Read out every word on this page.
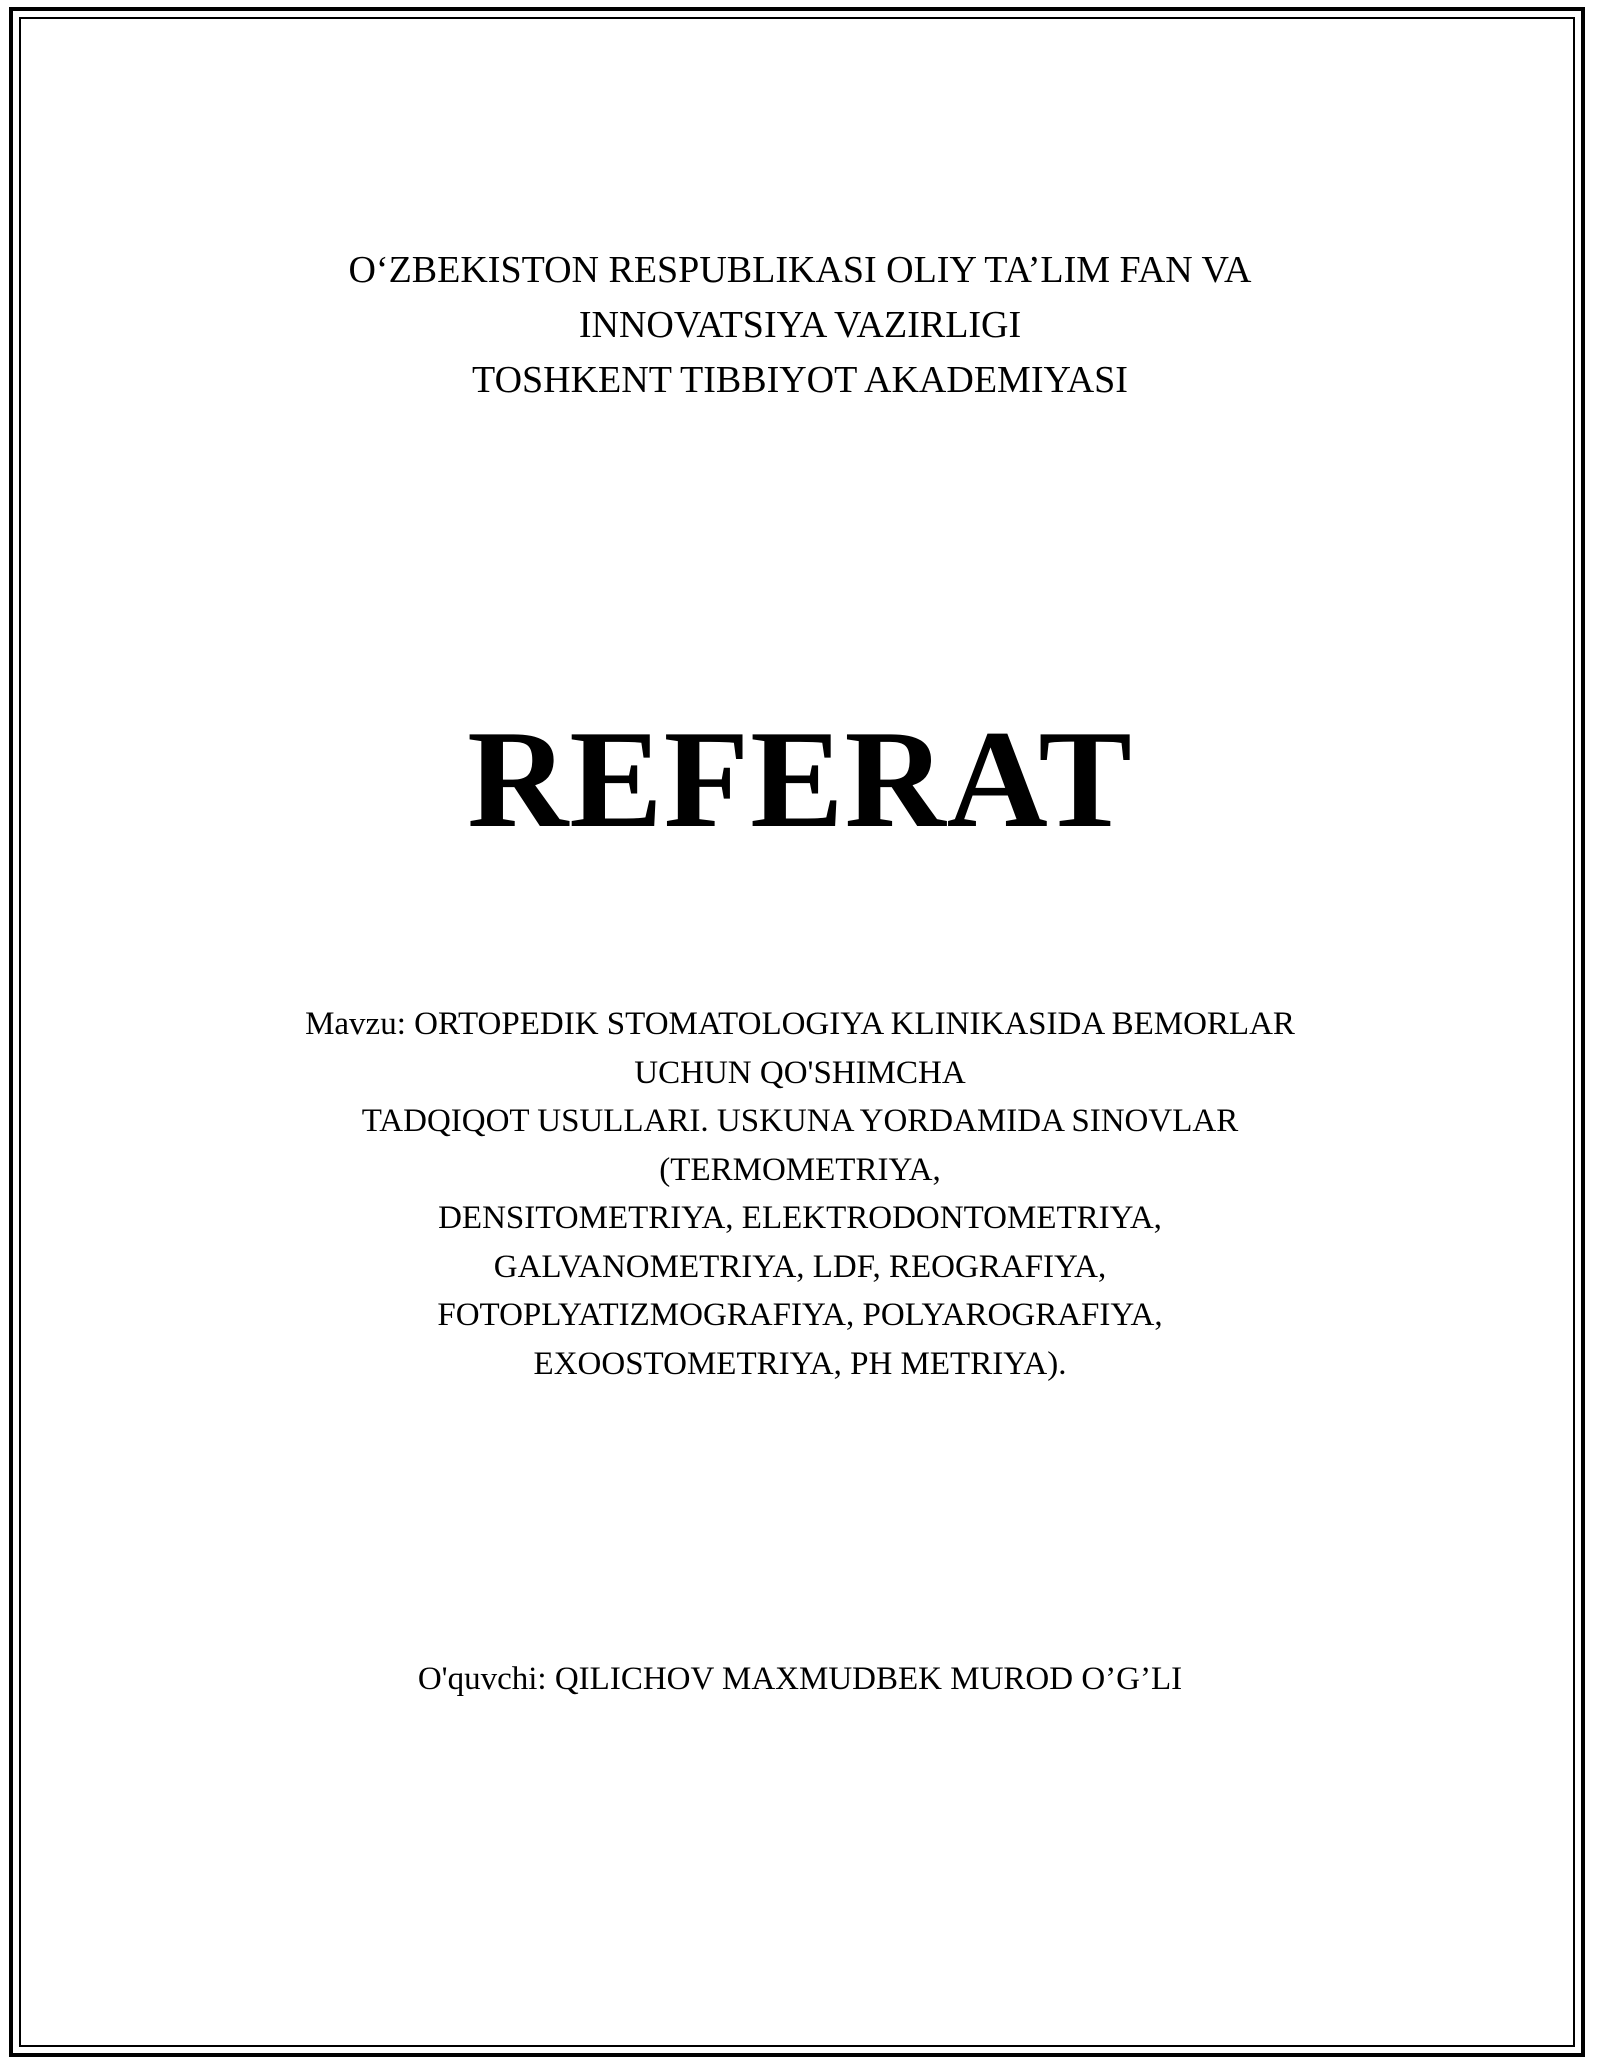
O‘ZBEKISTON RESPUBLIKASI OLIY TA’LIM FAN VA
INNOVATSIYA VAZIRLIGI
TOSHKENT TIBBIYOT AKADEMIYASI
REFERAT
Mavzu: ORTOPEDIK STOMATOLOGIYA KLINIKASIDA BEMORLAR
UCHUN QO'SHIMCHA
TADQIQOT USULLARI. USKUNA YORDAMIDA SINOVLAR
(TERMOMETRIYA,
DENSITOMETRIYA, ELEKTRODONTOMETRIYA,
GALVANOMETRIYA, LDF, REOGRAFIYA,
FOTOPLYATIZMOGRAFIYA, POLYAROGRAFIYA,
EXOOSTOMETRIYA, PH METRIYA).
O'quvchi: QILICHOV MAXMUDBEK MUROD O’G’LI
